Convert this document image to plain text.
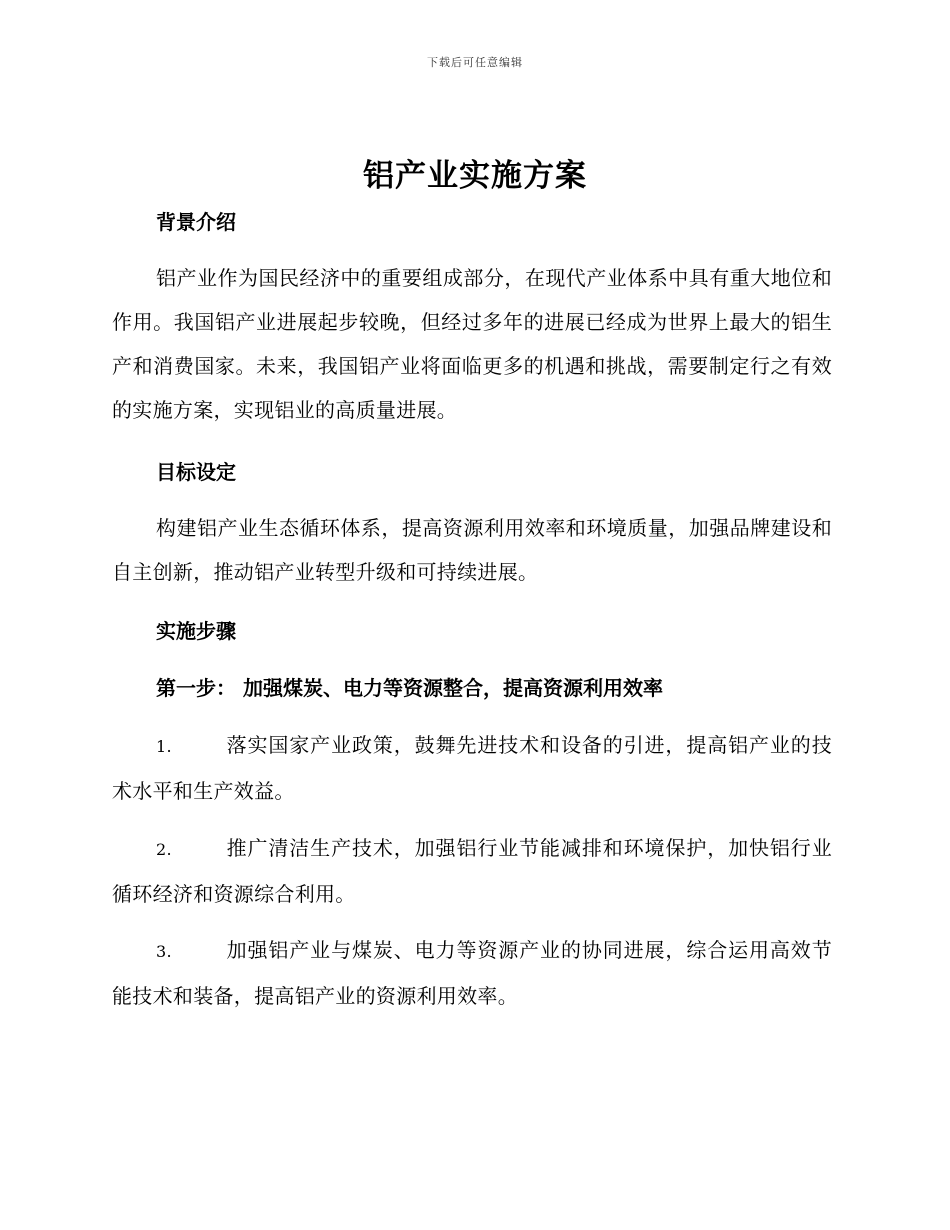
下载后可任意编辑
铝产业实施方案
背景介绍
铝产业作为国民经济中的重要组成部分，在现代产业体系中具有重大地位和作用。我国铝产业进展起步较晚，但经过多年的进展已经成为世界上最大的铝生产和消费国家。未来，我国铝产业将面临更多的机遇和挑战，需要制定行之有效的实施方案，实现铝业的高质量进展。
目标设定
构建铝产业生态循环体系，提高资源利用效率和环境质量，加强品牌建设和自主创新，推动铝产业转型升级和可持续进展。
实施步骤
第一步： 加强煤炭、电力等资源整合，提高资源利用效率
1.	落实国家产业政策，鼓舞先进技术和设备的引进，提高铝产业的技术水平和生产效益。
2.	推广清洁生产技术，加强铝行业节能减排和环境保护，加快铝行业循环经济和资源综合利用。
3.	加强铝产业与煤炭、电力等资源产业的协同进展，综合运用高效节能技术和装备，提高铝产业的资源利用效率。
